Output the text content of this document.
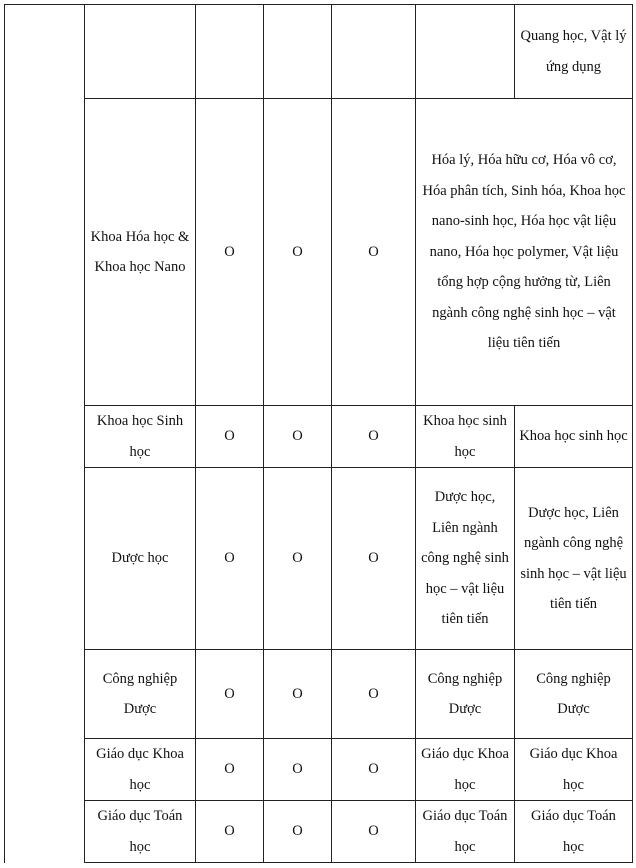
						Quang học, Vật lý ứng dụng
	Khoa Hóa học & Khoa học Nano	O	O	O	Hóa lý, Hóa hữu cơ, Hóa vô cơ, Hóa phân tích, Sinh hóa, Khoa học nano-sinh học, Hóa học vật liệu nano, Hóa học polymer, Vật liệu tổng hợp cộng hưởng từ, Liên ngành công nghệ sinh học – vật liệu tiên tiến	
	Khoa học Sinh học	O	O	O	Khoa học sinh học	Khoa học sinh học
	Dược học	O	O	O	Dược học, Liên ngành công nghệ sinh học – vật liệu tiên tiến	Dược học, Liên ngành công nghệ sinh học – vật liệu tiên tiến
	Công nghiệp Dược	O	O	O	Công nghiệp Dược	Công nghiệp Dược
	Giáo dục Khoa học	O	O	O	Giáo dục Khoa học	Giáo dục Khoa học
	Giáo dục Toán học	O	O	O	Giáo dục Toán học	Giáo dục Toán học
